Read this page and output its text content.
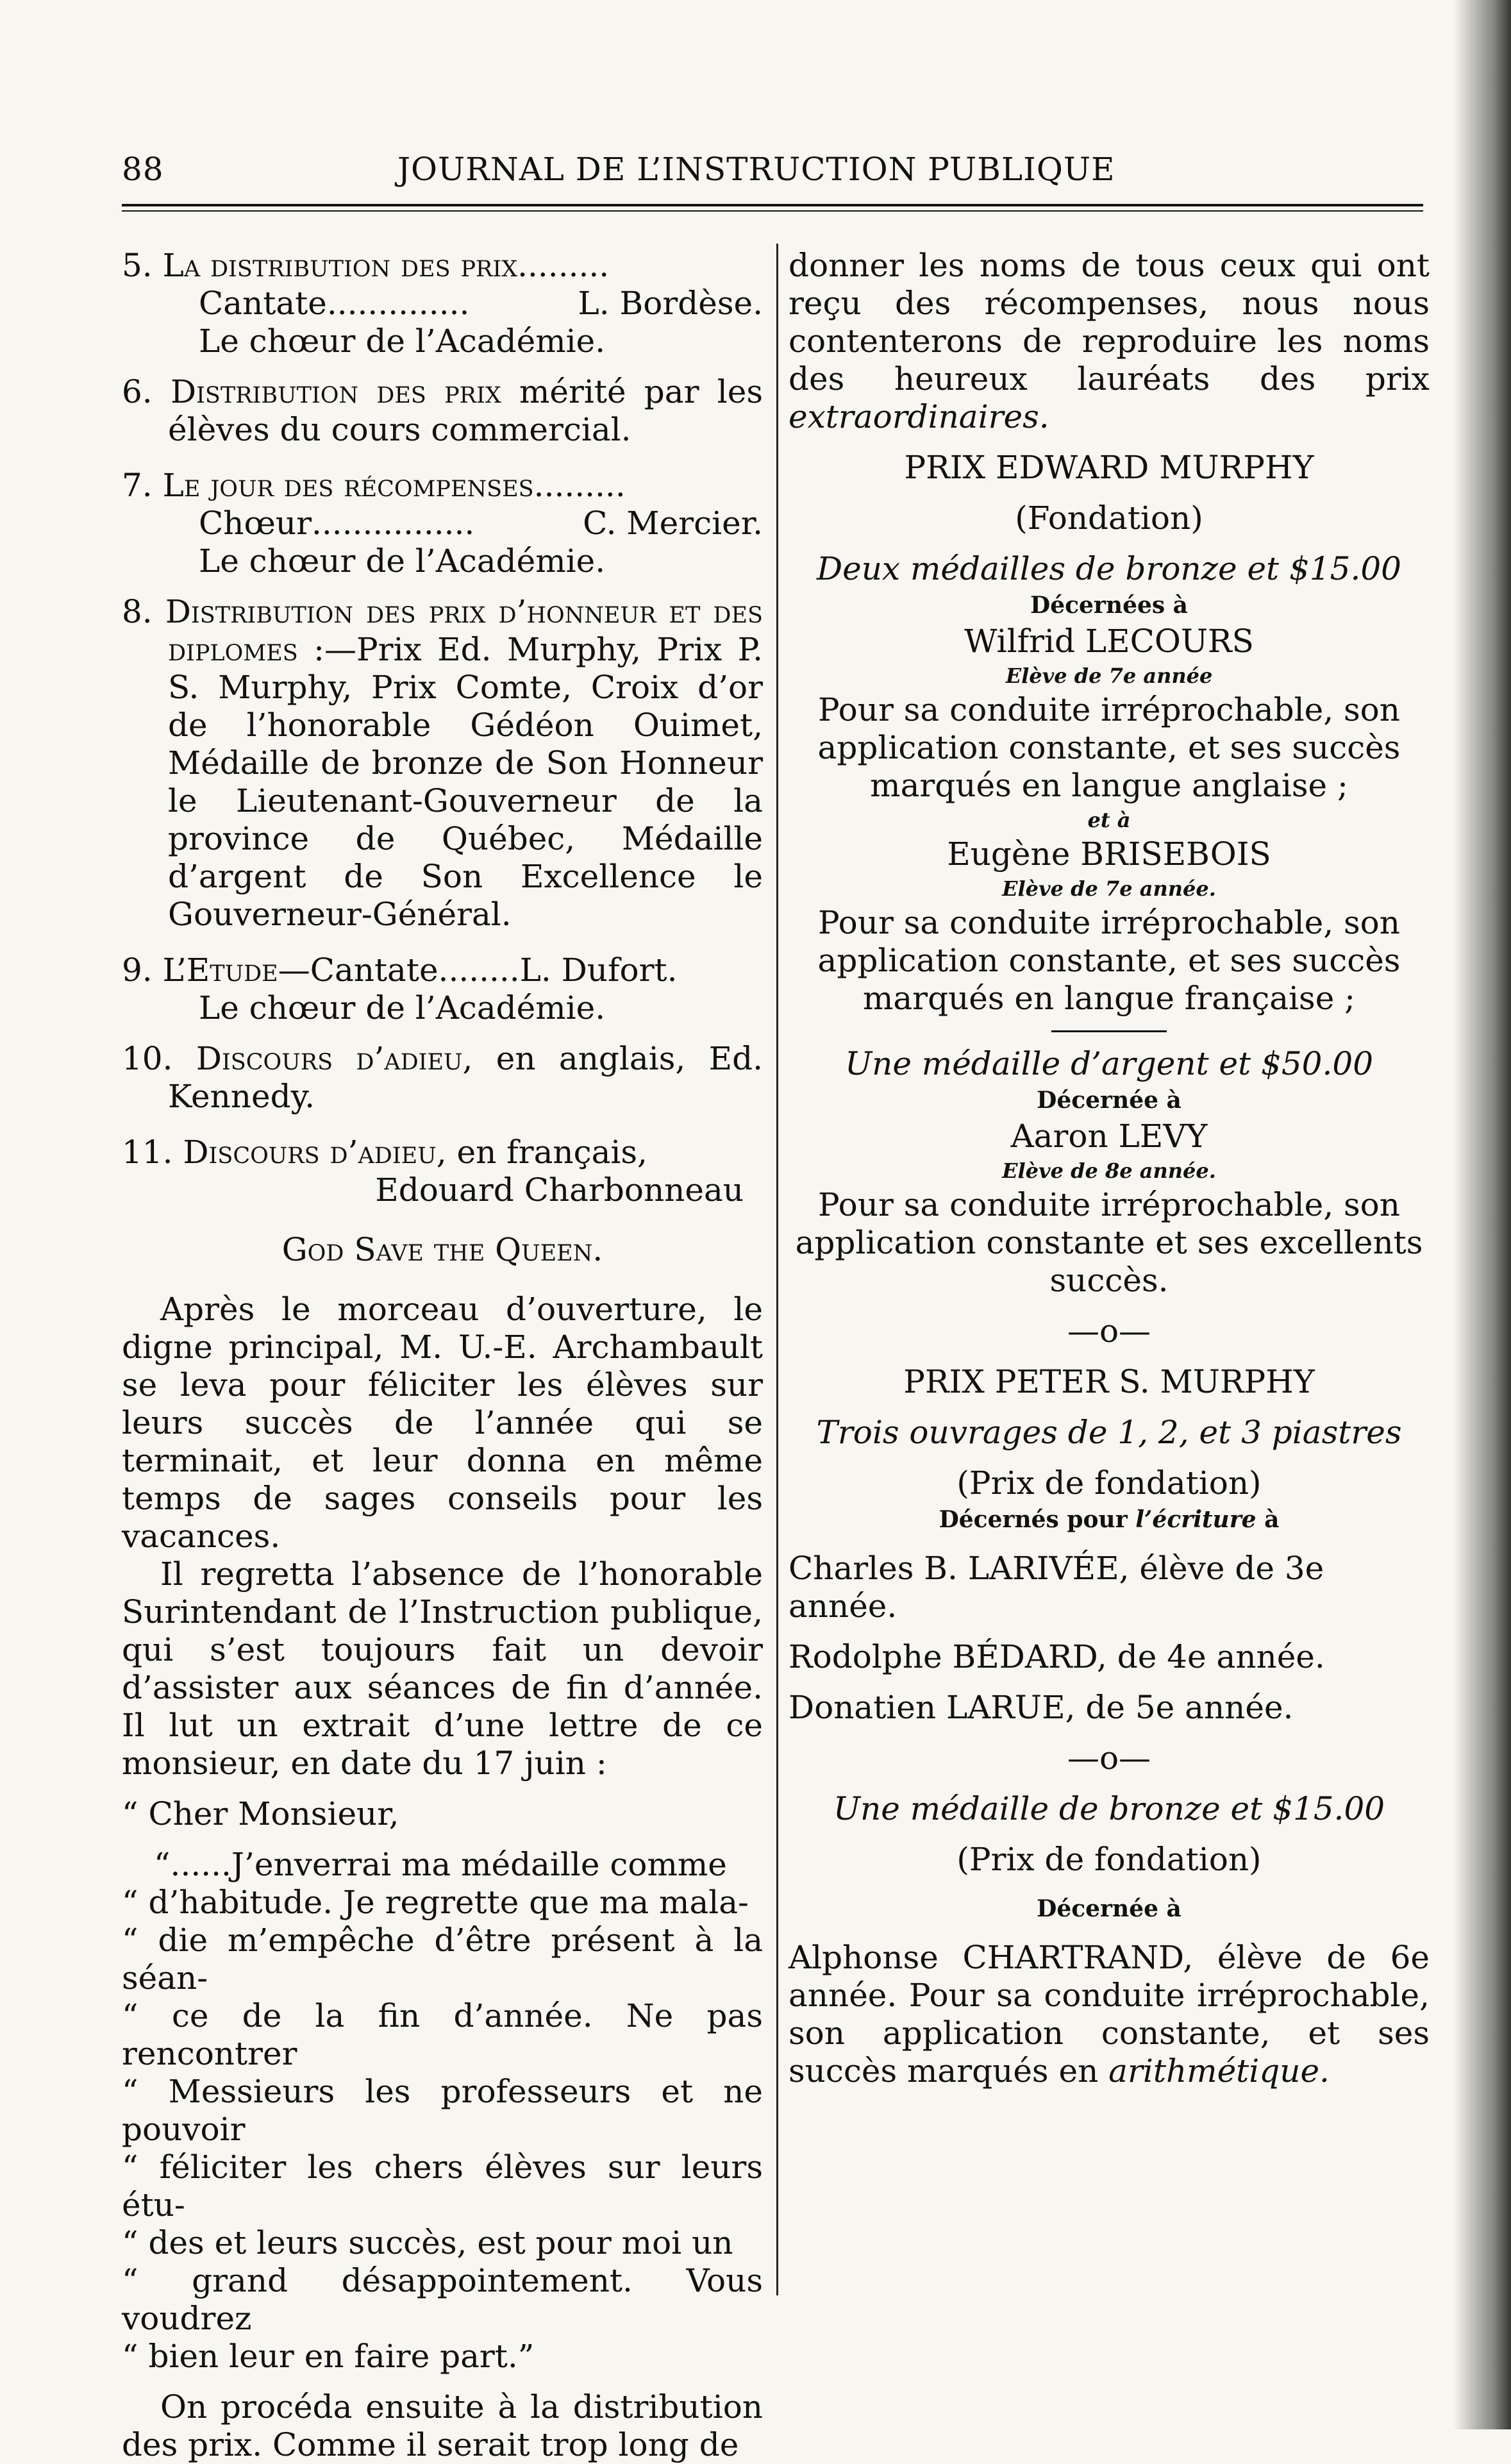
88	JOURNAL DE L’INSTRUCTION PUBLIQUE
5. La distribution des prix.........
Cantate ..............	L. Bordèse.
Le chœur de l’Académie.
6. Distribution des prix mérité par les élèves du cours commercial.
7. Le jour des récompenses.........
Chœur ................	C. Mercier.
Le chœur de l’Académie.
8. Distribution des prix d’honneur et des diplomes :—Prix Ed. Murphy, Prix P. S. Murphy, Prix Comte, Croix d’or de l’honorable Gédéon Ouimet, Médaille de bronze de Son Honneur le Lieutenant-Gouverneur de la province de Québec, Médaille d’argent de Son Excellence le Gouverneur-Général.
9. L’Etude—Cantate........L. Dufort.
Le chœur de l’Académie.
10. Discours d’adieu, en anglais, Ed. Kennedy.
11. Discours d’adieu, en français,
Edouard Charbonneau
God Save the Queen.
Après le morceau d’ouverture, le digne principal, M. U.-E. Archambault se leva pour féliciter les élèves sur leurs succès de l’année qui se terminait, et leur donna en même temps de sages conseils pour les vacances.
Il regretta l’absence de l’honorable Surintendant de l’Instruction publique, qui s’est toujours fait un devoir d’assister aux séances de fin d’année. Il lut un extrait d’une lettre de ce monsieur, en date du 17 juin :
“ Cher Monsieur,

“......J’enverrai ma médaille comme

“ d’habitude. Je regrette que ma mala-

“ die m’empêche d’être présent à la séan-

“ ce de la fin d’année. Ne pas rencontrer

“ Messieurs les professeurs et ne pouvoir

“ féliciter les chers élèves sur leurs étu-

“ des et leurs succès, est pour moi un

“ grand désappointement. Vous voudrez

“ bien leur en faire part.”

On procéda ensuite à la distribution des prix. Comme il serait trop long de
donner les noms de tous ceux qui ont reçu des récompenses, nous nous contenterons de reproduire les noms des heureux lauréats des prix extraordinaires.
PRIX EDWARD MURPHY
(Fondation)
Deux médailles de bronze et $15.00
Décernées à
Wilfrid LECOURS
Elève de 7e année
Pour sa conduite irréprochable, son application constante, et ses succès marqués en langue anglaise ;
et à
Eugène BRISEBOIS
Elève de 7e année.
Pour sa conduite irréprochable, son application constante, et ses succès marqués en langue française ;
Une médaille d’argent et $50.00
Décernée à
Aaron LEVY
Elève de 8e année.
Pour sa conduite irréprochable, son application constante et ses excellents succès.
—o—
PRIX PETER S. MURPHY
Trois ouvrages de 1, 2, et 3 piastres
(Prix de fondation)
Décernés pour l’écriture à
Charles B. LARIVÉE, élève de 3e année.
Rodolphe BÉDARD, de 4e année.
Donatien LARUE, de 5e année.
—o—
Une médaille de bronze et $15.00
(Prix de fondation)
Décernée à
Alphonse CHARTRAND, élève de 6e année. Pour sa conduite irréprochable, son application constante, et ses succès marqués en arithmétique.
